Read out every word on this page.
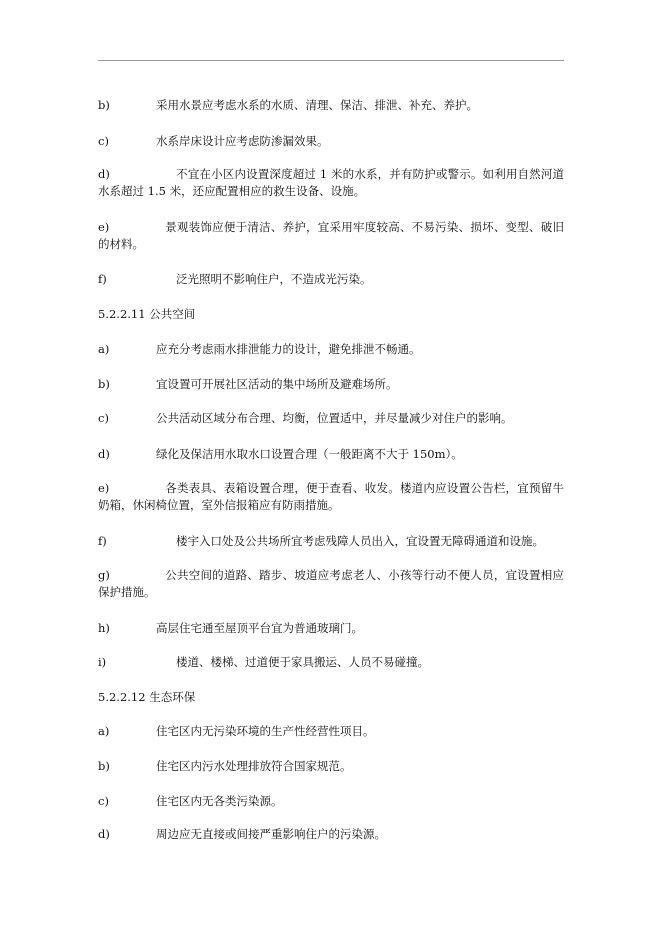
b)	采用水景应考虑水系的水质、清理、保洁、排泄、补充、养护。
c)	水系岸床设计应考虑防渗漏效果。
d)	不宜在小区内设置深度超过 1 米的水系，并有防护或警示。如利用自然河道水系超过 1.5 米，还应配置相应的救生设备、设施。
e)	景观装饰应便于清洁、养护，宜采用牢度较高、不易污染、损坏、变型、破旧的材料。
f)	泛光照明不影响住户，不造成光污染。
5.2.2.11 公共空间
a)	应充分考虑雨水排泄能力的设计，避免排泄不畅通。
b)	宜设置可开展社区活动的集中场所及避难场所。
c)	公共活动区域分布合理、均衡，位置适中，并尽量减少对住户的影响。
d)	绿化及保洁用水取水口设置合理（一般距离不大于 150m）。
e)	各类表具、表箱设置合理，便于查看、收发。楼道内应设置公告栏，宜预留牛奶箱，休闲椅位置，室外信报箱应有防雨措施。
f)	楼宇入口处及公共场所宜考虑残障人员出入，宜设置无障碍通道和设施。
g)	公共空间的道路、踏步、坡道应考虑老人、小孩等行动不便人员，宜设置相应保护措施。
h)	高层住宅通至屋顶平台宜为普通玻璃门。
i)	楼道、楼梯、过道便于家具搬运、人员不易碰撞。
5.2.2.12 生态环保
a)	住宅区内无污染环境的生产性经营性项目。
b)	住宅区内污水处理排放符合国家规范。
c)	住宅区内无各类污染源。
d)	周边应无直接或间接严重影响住户的污染源。
